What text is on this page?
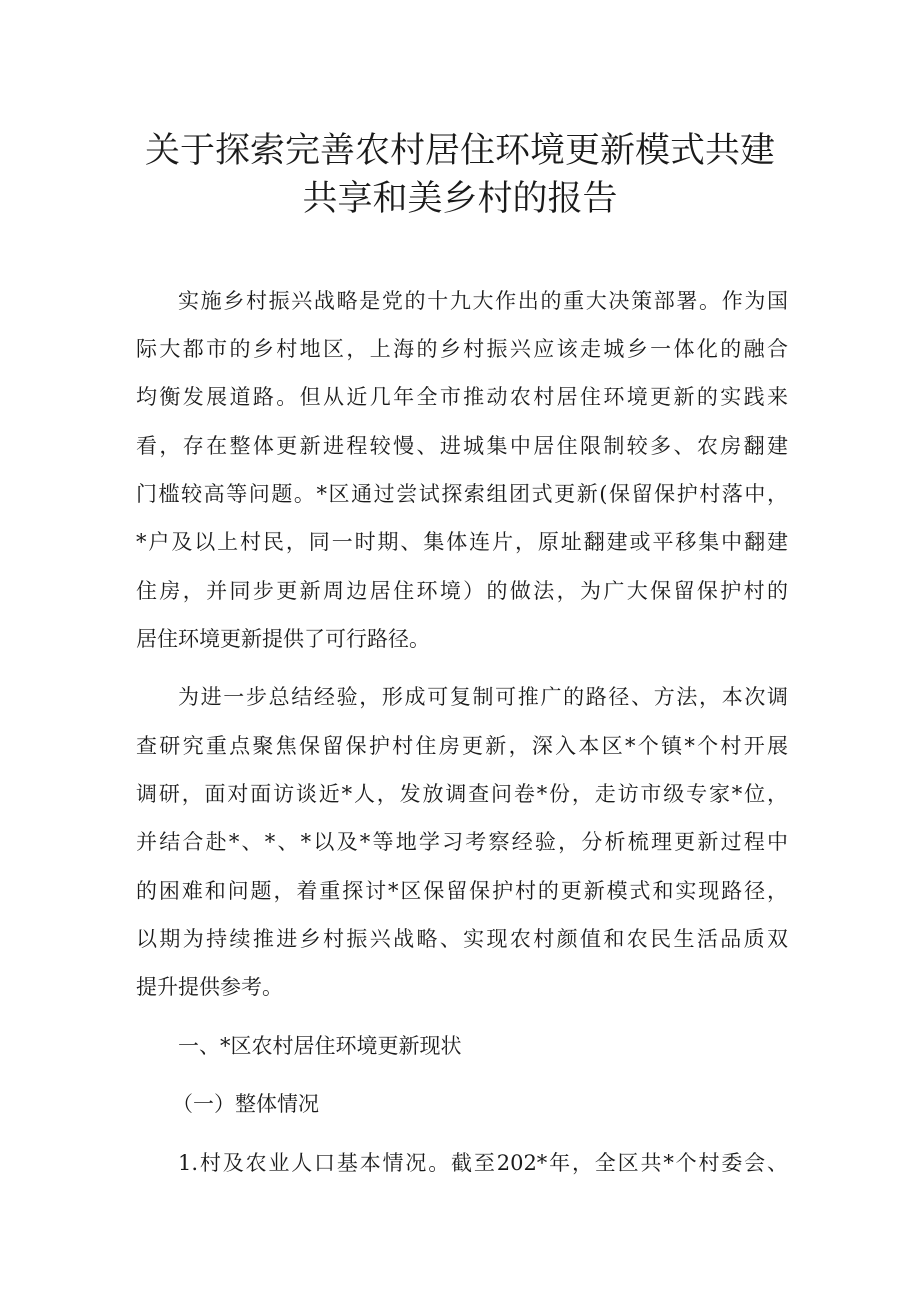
关于探索完善农村居住环境更新模式共建
共享和美乡村的报告
实施乡村振兴战略是党的十九大作出的重大决策部署。作为国
际大都市的乡村地区，上海的乡村振兴应该走城乡一体化的融合
均衡发展道路。但从近几年全市推动农村居住环境更新的实践来
看，存在整体更新进程较慢、进城集中居住限制较多、农房翻建
门槛较高等问题。*区通过尝试探索组团式更新(保留保护村落中，
*户及以上村民，同一时期、集体连片，原址翻建或平移集中翻建
住房，并同步更新周边居住环境）的做法，为广大保留保护村的
居住环境更新提供了可行路径。
为进一步总结经验，形成可复制可推广的路径、方法，本次调
查研究重点聚焦保留保护村住房更新，深入本区*个镇*个村开展
调研，面对面访谈近*人，发放调查问卷*份，走访市级专家*位，
并结合赴*、*、*以及*等地学习考察经验，分析梳理更新过程中
的困难和问题，着重探讨*区保留保护村的更新模式和实现路径，
以期为持续推进乡村振兴战略、实现农村颜值和农民生活品质双
提升提供参考。
一、*区农村居住环境更新现状
（一）整体情况
1.村及农业人口基本情况。截至202*年，全区共*个村委会、
